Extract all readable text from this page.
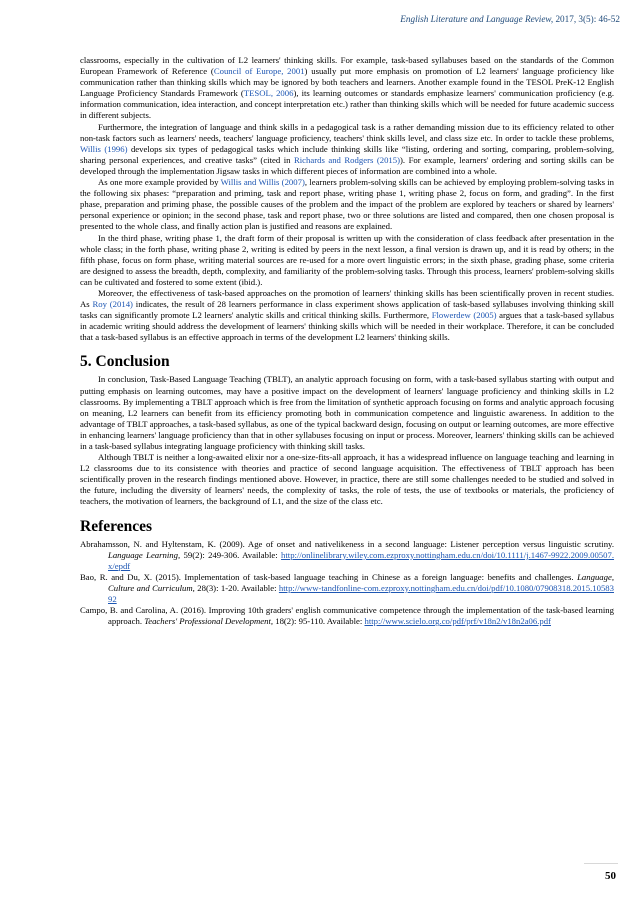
English Literature and Language Review, 2017, 3(5): 46-52

classrooms, especially in the cultivation of L2 learners' thinking skills. For example, task-based syllabuses based on the standards of the Common European Framework of Reference (Council of Europe, 2001) usually put more emphasis on promotion of L2 learners' language proficiency like communication rather than thinking skills which may be ignored by both teachers and learners. Another example found in the TESOL PreK-12 English Language Proficiency Standards Framework (TESOL, 2006), its learning outcomes or standards emphasize learners' communication proficiency (e.g. information communication, idea interaction, and concept interpretation etc.) rather than thinking skills which will be needed for future academic success in different subjects.

Furthermore, the integration of language and think skills in a pedagogical task is a rather demanding mission due to its efficiency related to other non-task factors such as learners' needs, teachers' language proficiency, teachers' think skills level, and class size etc. In order to tackle these problems, Willis (1996) develops six types of pedagogical tasks which include thinking skills like “listing, ordering and sorting, comparing, problem-solving, sharing personal experiences, and creative tasks” (cited in Richards and Rodgers (2015)). For example, learners' ordering and sorting skills can be developed through the implementation Jigsaw tasks in which different pieces of information are combined into a whole.

As one more example provided by Willis and Willis (2007), learners problem-solving skills can be achieved by employing problem-solving tasks in the following six phases: “preparation and priming, task and report phase, writing phase 1, writing phase 2, focus on form, and grading”. In the first phase, preparation and priming phase, the possible causes of the problem and the impact of the problem are explored by teachers or shared by learners' personal experience or opinion; in the second phase, task and report phase, two or three solutions are listed and compared, then one chosen proposal is presented to the whole class, and finally action plan is justified and reasons are explained.

In the third phase, writing phase 1, the draft form of their proposal is written up with the consideration of class feedback after presentation in the whole class; in the forth phase, writing phase 2, writing is edited by peers in the next lesson, a final version is drawn up, and it is read by others; in the fifth phase, focus on form phase, writing material sources are re-used for a more overt linguistic errors; in the sixth phase, grading phase, some criteria are designed to assess the breadth, depth, complexity, and familiarity of the problem-solving tasks. Through this process, learners' problem-solving skills can be cultivated and fostered to some extent (ibid.).

Moreover, the effectiveness of task-based approaches on the promotion of learners' thinking skills has been scientifically proven in recent studies. As Roy (2014) indicates, the result of 28 learners performance in class experiment shows application of task-based syllabuses involving thinking skill tasks can significantly promote L2 learners' analytic skills and critical thinking skills. Furthermore, Flowerdew (2005) argues that a task-based syllabus in academic writing should address the development of learners' thinking skills which will be needed in their workplace. Therefore, it can be concluded that a task-based syllabus is an effective approach in terms of the development L2 learners' thinking skills.

5. Conclusion

In conclusion, Task-Based Language Teaching (TBLT), an analytic approach focusing on form, with a task-based syllabus starting with output and putting emphasis on learning outcomes, may have a positive impact on the development of learners' language proficiency and thinking skills in L2 classrooms. By implementing a TBLT approach which is free from the limitation of synthetic approach focusing on forms and analytic approach focusing on meaning, L2 learners can benefit from its efficiency promoting both in communication competence and linguistic awareness. In addition to the advantage of TBLT approaches, a task-based syllabus, as one of the typical backward design, focusing on output or learning outcomes, are more effective in enhancing learners' language proficiency than that in other syllabuses focusing on input or process. Moreover, learners' thinking skills can be achieved in a task-based syllabus integrating language proficiency with thinking skill tasks.

Although TBLT is neither a long-awaited elixir nor a one-size-fits-all approach, it has a widespread influence on language teaching and learning in L2 classrooms due to its consistence with theories and practice of second language acquisition. The effectiveness of TBLT approach has been scientifically proven in the research findings mentioned above. However, in practice, there are still some challenges needed to be studied and solved in the future, including the diversity of learners' needs, the complexity of tasks, the role of tests, the use of textbooks or materials, the proficiency of teachers, the motivation of learners, the background of L1, and the size of the class etc.

References

Abrahamsson, N. and Hyltenstam, K. (2009). Age of onset and nativelikeness in a second language: Listener perception versus linguistic scrutiny. Language Learning, 59(2): 249-306. Available: http://onlinelibrary.wiley.com.ezproxy.nottingham.edu.cn/doi/10.1111/j.1467-9922.2009.00507.x/epdf

Bao, R. and Du, X. (2015). Implementation of task-based language teaching in Chinese as a foreign language: benefits and challenges. Language, Culture and Curriculum, 28(3): 1-20. Available: http://www-tandfonline-com.ezproxy.nottingham.edu.cn/doi/pdf/10.1080/07908318.2015.1058392

Campo, B. and Carolina, A. (2016). Improving 10th graders' english communicative competence through the implementation of the task-based learning approach. Teachers' Professional Development, 18(2): 95-110. Available: http://www.scielo.org.co/pdf/prf/v18n2/v18n2a06.pdf

50
